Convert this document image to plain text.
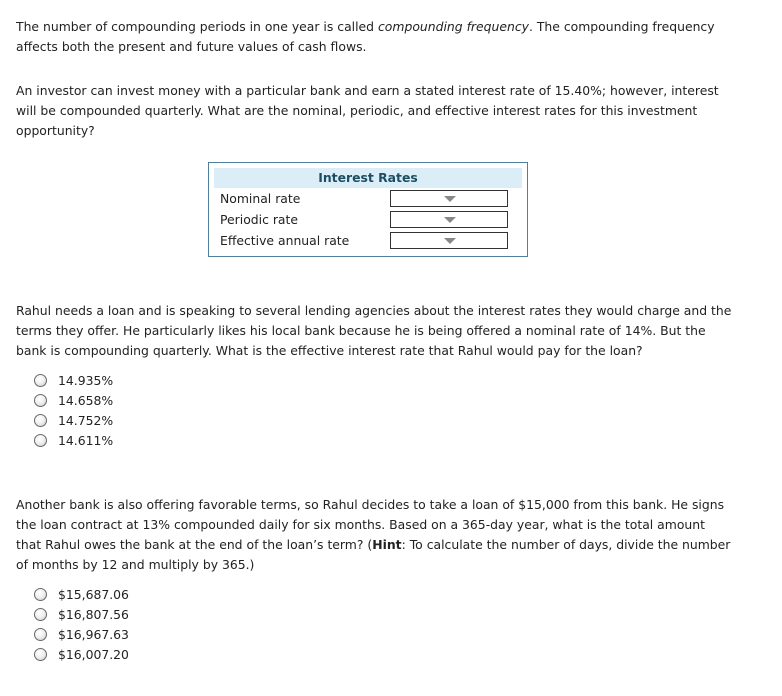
The number of compounding periods in one year is called compounding frequency. The compounding frequency affects both the present and future values of cash flows.

An investor can invest money with a particular bank and earn a stated interest rate of 15.40%; however, interest will be compounded quarterly. What are the nominal, periodic, and effective interest rates for this investment opportunity?

Interest Rates
Nominal rate
Periodic rate
Effective annual rate

Rahul needs a loan and is speaking to several lending agencies about the interest rates they would charge and the terms they offer. He particularly likes his local bank because he is being offered a nominal rate of 14%. But the bank is compounding quarterly. What is the effective interest rate that Rahul would pay for the loan?

14.935%
14.658%
14.752%
14.611%

Another bank is also offering favorable terms, so Rahul decides to take a loan of $15,000 from this bank. He signs the loan contract at 13% compounded daily for six months. Based on a 365-day year, what is the total amount that Rahul owes the bank at the end of the loan’s term? (Hint: To calculate the number of days, divide the number of months by 12 and multiply by 365.)

$15,687.06
$16,807.56
$16,967.63
$16,007.20
